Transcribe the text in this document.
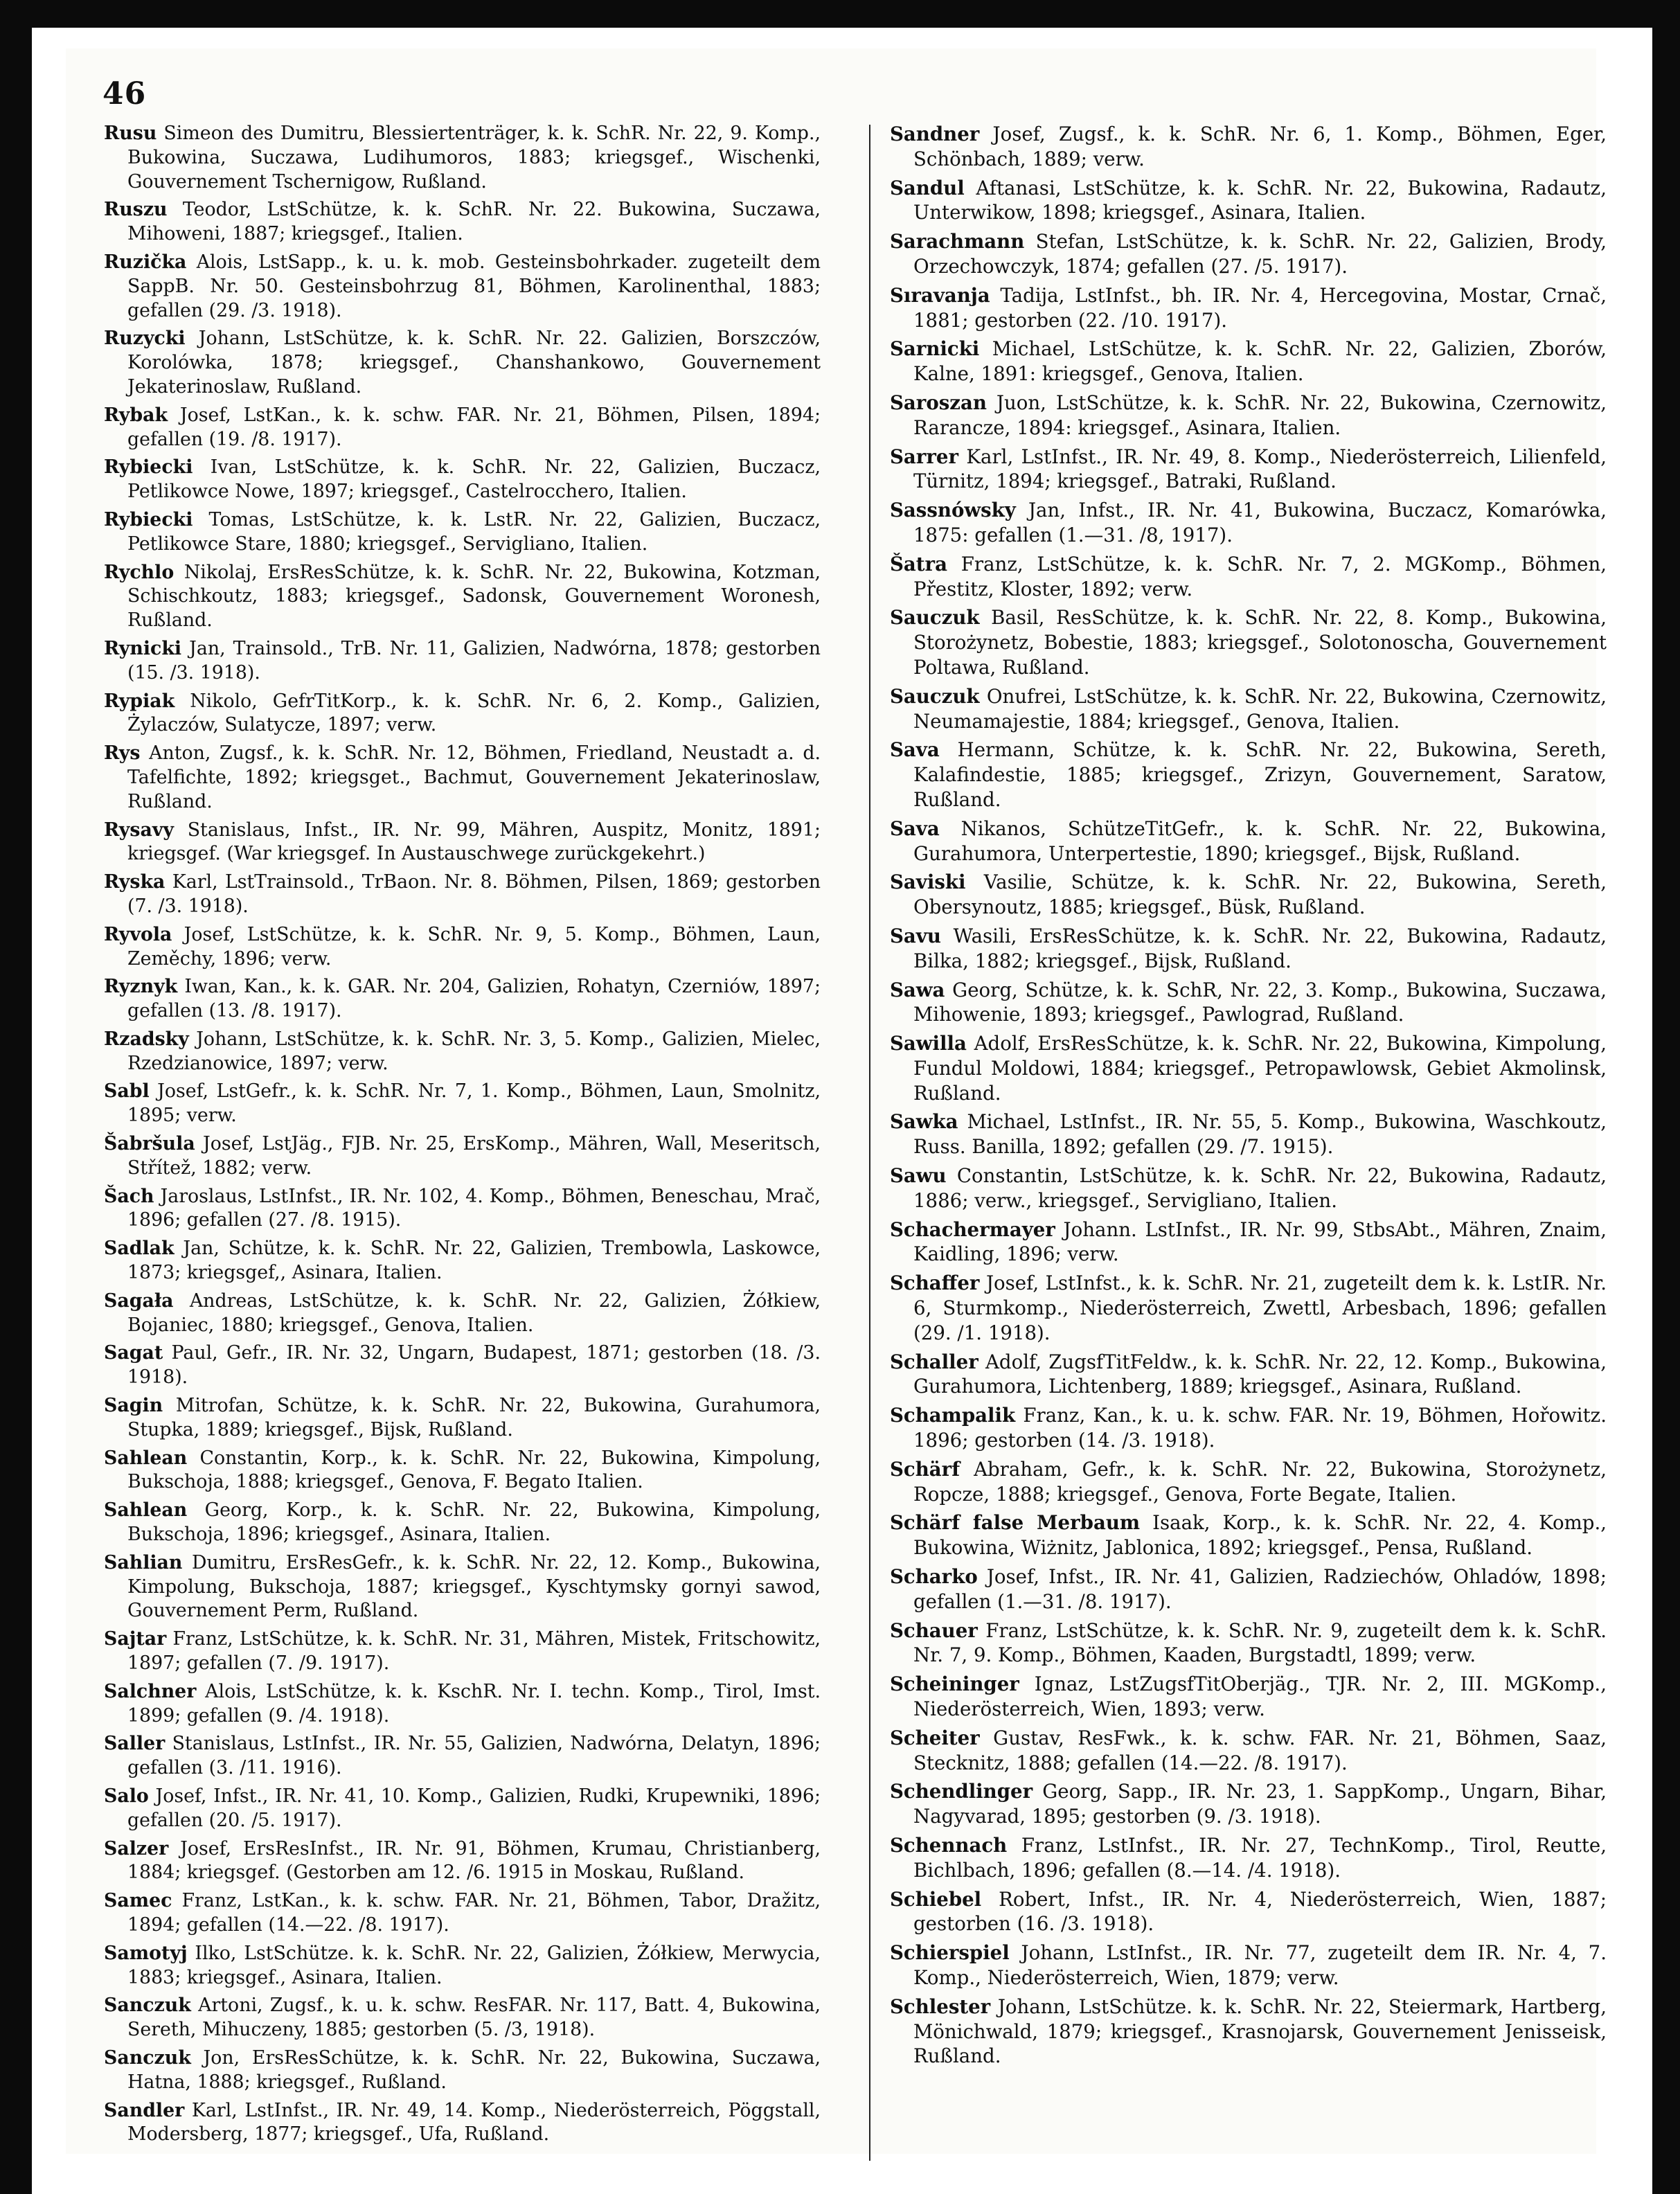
46

Rusu Simeon des Dumitru, Blessiertenträger, k. k. SchR. Nr. 22, 9. Komp., Bukowina, Suczawa, Ludihumoros, 1883; kriegsgef., Wischenki, Gouvernement Tschernigow, Rußland.

Ruszu Teodor, LstSchütze, k. k. SchR. Nr. 22. Bukowina, Suczawa, Mihoweni, 1887; kriegsgef., Italien.

Ruzička Alois, LstSapp., k. u. k. mob. Gesteinsbohrkader. zugeteilt dem SappB. Nr. 50. Gesteinsbohrzug 81, Böhmen, Karolinenthal, 1883; gefallen (29. /3. 1918).

Ruzycki Johann, LstSchütze, k. k. SchR. Nr. 22. Galizien, Borszczów, Korolówka, 1878; kriegsgef., Chanshankowo, Gouvernement Jekaterinoslaw, Rußland.

Rybak Josef, LstKan., k. k. schw. FAR. Nr. 21, Böhmen, Pilsen, 1894; gefallen (19. /8. 1917).

Rybiecki Ivan, LstSchütze, k. k. SchR. Nr. 22, Galizien, Buczacz, Petlikowce Nowe, 1897; kriegsgef., Castelrocchero, Italien.

Rybiecki Tomas, LstSchütze, k. k. LstR. Nr. 22, Galizien, Buczacz, Petlikowce Stare, 1880; kriegsgef., Servigliano, Italien.

Rychlo Nikolaj, ErsResSchütze, k. k. SchR. Nr. 22, Bukowina, Kotzman, Schischkoutz, 1883; kriegsgef., Sadonsk, Gouvernement Woronesh, Rußland.

Rynicki Jan, Trainsold., TrB. Nr. 11, Galizien, Nadwórna, 1878; gestorben (15. /3. 1918).

Rypiak Nikolo, GefrTitKorp., k. k. SchR. Nr. 6, 2. Komp., Galizien, Żylaczów, Sulatycze, 1897; verw.

Rys Anton, Zugsf., k. k. SchR. Nr. 12, Böhmen, Friedland, Neustadt a. d. Tafelfichte, 1892; kriegsget., Bachmut, Gouvernement Jekaterinoslaw, Rußland.

Rysavy Stanislaus, Infst., IR. Nr. 99, Mähren, Auspitz, Monitz, 1891; kriegsgef. (War kriegsgef. In Austauschwege zurückgekehrt.)

Ryska Karl, LstTrainsold., TrBaon. Nr. 8. Böhmen, Pilsen, 1869; gestorben (7. /3. 1918).

Ryvola Josef, LstSchütze, k. k. SchR. Nr. 9, 5. Komp., Böhmen, Laun, Zeměchy, 1896; verw.

Ryznyk Iwan, Kan., k. k. GAR. Nr. 204, Galizien, Rohatyn, Czerniów, 1897; gefallen (13. /8. 1917).

Rzadsky Johann, LstSchütze, k. k. SchR. Nr. 3, 5. Komp., Galizien, Mielec, Rzedzianowice, 1897; verw.

Sabl Josef, LstGefr., k. k. SchR. Nr. 7, 1. Komp., Böhmen, Laun, Smolnitz, 1895; verw.

Šabršula Josef, LstJäg., FJB. Nr. 25, ErsKomp., Mähren, Wall, Meseritsch, Střítež, 1882; verw.

Šach Jaroslaus, LstInfst., IR. Nr. 102, 4. Komp., Böhmen, Beneschau, Mrač, 1896; gefallen (27. /8. 1915).

Sadlak Jan, Schütze, k. k. SchR. Nr. 22, Galizien, Trembowla, Laskowce, 1873; kriegsgef,, Asinara, Italien.

Sagała Andreas, LstSchütze, k. k. SchR. Nr. 22, Galizien, Żółkiew, Bojaniec, 1880; kriegsgef., Genova, Italien.

Sagat Paul, Gefr., IR. Nr. 32, Ungarn, Budapest, 1871; gestorben (18. /3. 1918).

Sagin Mitrofan, Schütze, k. k. SchR. Nr. 22, Bukowina, Gurahumora, Stupka, 1889; kriegsgef., Bijsk, Rußland.

Sahlean Constantin, Korp., k. k. SchR. Nr. 22, Bukowina, Kimpolung, Bukschoja, 1888; kriegsgef., Genova, F. Begato Italien.

Sahlean Georg, Korp., k. k. SchR. Nr. 22, Bukowina, Kimpolung, Bukschoja, 1896; kriegsgef., Asinara, Italien.

Sahlian Dumitru, ErsResGefr., k. k. SchR. Nr. 22, 12. Komp., Bukowina, Kimpolung, Bukschoja, 1887; kriegsgef., Kyschtymsky gornyi sawod, Gouvernement Perm, Rußland.

Sajtar Franz, LstSchütze, k. k. SchR. Nr. 31, Mähren, Mistek, Fritschowitz, 1897; gefallen (7. /9. 1917).

Salchner Alois, LstSchütze, k. k. KschR. Nr. I. techn. Komp., Tirol, Imst. 1899; gefallen (9. /4. 1918).

Saller Stanislaus, LstInfst., IR. Nr. 55, Galizien, Nadwórna, Delatyn, 1896; gefallen (3. /11. 1916).

Salo Josef, Infst., IR. Nr. 41, 10. Komp., Galizien, Rudki, Krupewniki, 1896; gefallen (20. /5. 1917).

Salzer Josef, ErsResInfst., IR. Nr. 91, Böhmen, Krumau, Christianberg, 1884; kriegsgef. (Gestorben am 12. /6. 1915 in Moskau, Rußland.

Samec Franz, LstKan., k. k. schw. FAR. Nr. 21, Böhmen, Tabor, Dražitz, 1894; gefallen (14.—22. /8. 1917).

Samotyj Ilko, LstSchütze. k. k. SchR. Nr. 22, Galizien, Żółkiew, Merwycia, 1883; kriegsgef., Asinara, Italien.

Sanczuk Artoni, Zugsf., k. u. k. schw. ResFAR. Nr. 117, Batt. 4, Bukowina, Sereth, Mihuczeny, 1885; gestorben (5. /3, 1918).

Sanczuk Jon, ErsResSchütze, k. k. SchR. Nr. 22, Bukowina, Suczawa, Hatna, 1888; kriegsgef., Rußland.

Sandler Karl, LstInfst., IR. Nr. 49, 14. Komp., Niederösterreich, Pöggstall, Modersberg, 1877; kriegsgef., Ufa, Rußland.

Sandner Josef, Zugsf., k. k. SchR. Nr. 6, 1. Komp., Böhmen, Eger, Schönbach, 1889; verw.

Sandul Aftanasi, LstSchütze, k. k. SchR. Nr. 22, Bukowina, Radautz, Unterwikow, 1898; kriegsgef., Asinara, Italien.

Sarachmann Stefan, LstSchütze, k. k. SchR. Nr. 22, Galizien, Brody, Orzechowczyk, 1874; gefallen (27. /5. 1917).

Sıravanja Tadija, LstInfst., bh. IR. Nr. 4, Hercegovina, Mostar, Crnač, 1881; gestorben (22. /10. 1917).

Sarnicki Michael, LstSchütze, k. k. SchR. Nr. 22, Galizien, Zborów, Kalne, 1891: kriegsgef., Genova, Italien.

Saroszan Juon, LstSchütze, k. k. SchR. Nr. 22, Bukowina, Czernowitz, Rarancze, 1894: kriegsgef., Asinara, Italien.

Sarrer Karl, LstInfst., IR. Nr. 49, 8. Komp., Niederösterreich, Lilienfeld, Türnitz, 1894; kriegsgef., Batraki, Rußland.

Sassnówsky Jan, Infst., IR. Nr. 41, Bukowina, Buczacz, Komarówka, 1875: gefallen (1.—31. /8, 1917).

Šatra Franz, LstSchütze, k. k. SchR. Nr. 7, 2. MGKomp., Böhmen, Přestitz, Kloster, 1892; verw.

Sauczuk Basil, ResSchütze, k. k. SchR. Nr. 22, 8. Komp., Bukowina, Storożynetz, Bobestie, 1883; kriegsgef., Solotonoscha, Gouvernement Poltawa, Rußland.

Sauczuk Onufrei, LstSchütze, k. k. SchR. Nr. 22, Bukowina, Czernowitz, Neumamajestie, 1884; kriegsgef., Genova, Italien.

Sava Hermann, Schütze, k. k. SchR. Nr. 22, Bukowina, Sereth, Kalafindestie, 1885; kriegsgef., Zrizyn, Gouvernement, Saratow, Rußland.

Sava Nikanos, SchützeTitGefr., k. k. SchR. Nr. 22, Bukowina, Gurahumora, Unterpertestie, 1890; kriegsgef., Bijsk, Rußland.

Saviski Vasilie, Schütze, k. k. SchR. Nr. 22, Bukowina, Sereth, Obersynoutz, 1885; kriegsgef., Büsk, Rußland.

Savu Wasili, ErsResSchütze, k. k. SchR. Nr. 22, Bukowina, Radautz, Bilka, 1882; kriegsgef., Bijsk, Rußland.

Sawa Georg, Schütze, k. k. SchR, Nr. 22, 3. Komp., Bukowina, Suczawa, Mihowenie, 1893; kriegsgef., Pawlograd, Rußland.

Sawilla Adolf, ErsResSchütze, k. k. SchR. Nr. 22, Bukowina, Kimpolung, Fundul Moldowi, 1884; kriegsgef., Petropawlowsk, Gebiet Akmolinsk, Rußland.

Sawka Michael, LstInfst., IR. Nr. 55, 5. Komp., Bukowina, Waschkoutz, Russ. Banilla, 1892; gefallen (29. /7. 1915).

Sawu Constantin, LstSchütze, k. k. SchR. Nr. 22, Bukowina, Radautz, 1886; verw., kriegsgef., Servigliano, Italien.

Schachermayer Johann. LstInfst., IR. Nr. 99, StbsAbt., Mähren, Znaim, Kaidling, 1896; verw.

Schaffer Josef, LstInfst., k. k. SchR. Nr. 21, zugeteilt dem k. k. LstIR. Nr. 6, Sturmkomp., Niederösterreich, Zwettl, Arbesbach, 1896; gefallen (29. /1. 1918).

Schaller Adolf, ZugsfTitFeldw., k. k. SchR. Nr. 22, 12. Komp., Bukowina, Gurahumora, Lichtenberg, 1889; kriegsgef., Asinara, Rußland.

Schampalik Franz, Kan., k. u. k. schw. FAR. Nr. 19, Böhmen, Hořowitz. 1896; gestorben (14. /3. 1918).

Schärf Abraham, Gefr., k. k. SchR. Nr. 22, Bukowina, Storożynetz, Ropcze, 1888; kriegsgef., Genova, Forte Begate, Italien.

Schärf false Merbaum Isaak, Korp., k. k. SchR. Nr. 22, 4. Komp., Bukowina, Wiżnitz, Jablonica, 1892; kriegsgef., Pensa, Rußland.

Scharko Josef, Infst., IR. Nr. 41, Galizien, Radziechów, Ohladów, 1898; gefallen (1.—31. /8. 1917).

Schauer Franz, LstSchütze, k. k. SchR. Nr. 9, zugeteilt dem k. k. SchR. Nr. 7, 9. Komp., Böhmen, Kaaden, Burgstadtl, 1899; verw.

Scheininger Ignaz, LstZugsfTitOberjäg., TJR. Nr. 2, III. MGKomp., Niederösterreich, Wien, 1893; verw.

Scheiter Gustav, ResFwk., k. k. schw. FAR. Nr. 21, Böhmen, Saaz, Stecknitz, 1888; gefallen (14.—22. /8. 1917).

Schendlinger Georg, Sapp., IR. Nr. 23, 1. SappKomp., Ungarn, Bihar, Nagyvarad, 1895; gestorben (9. /3. 1918).

Schennach Franz, LstInfst., IR. Nr. 27, TechnKomp., Tirol, Reutte, Bichlbach, 1896; gefallen (8.—14. /4. 1918).

Schiebel Robert, Infst., IR. Nr. 4, Niederösterreich, Wien, 1887; gestorben (16. /3. 1918).

Schierspiel Johann, LstInfst., IR. Nr. 77, zugeteilt dem IR. Nr. 4, 7. Komp., Niederösterreich, Wien, 1879; verw.

Schlester Johann, LstSchütze. k. k. SchR. Nr. 22, Steiermark, Hartberg, Mönichwald, 1879; kriegsgef., Krasnojarsk, Gouvernement Jenisseisk, Rußland.
